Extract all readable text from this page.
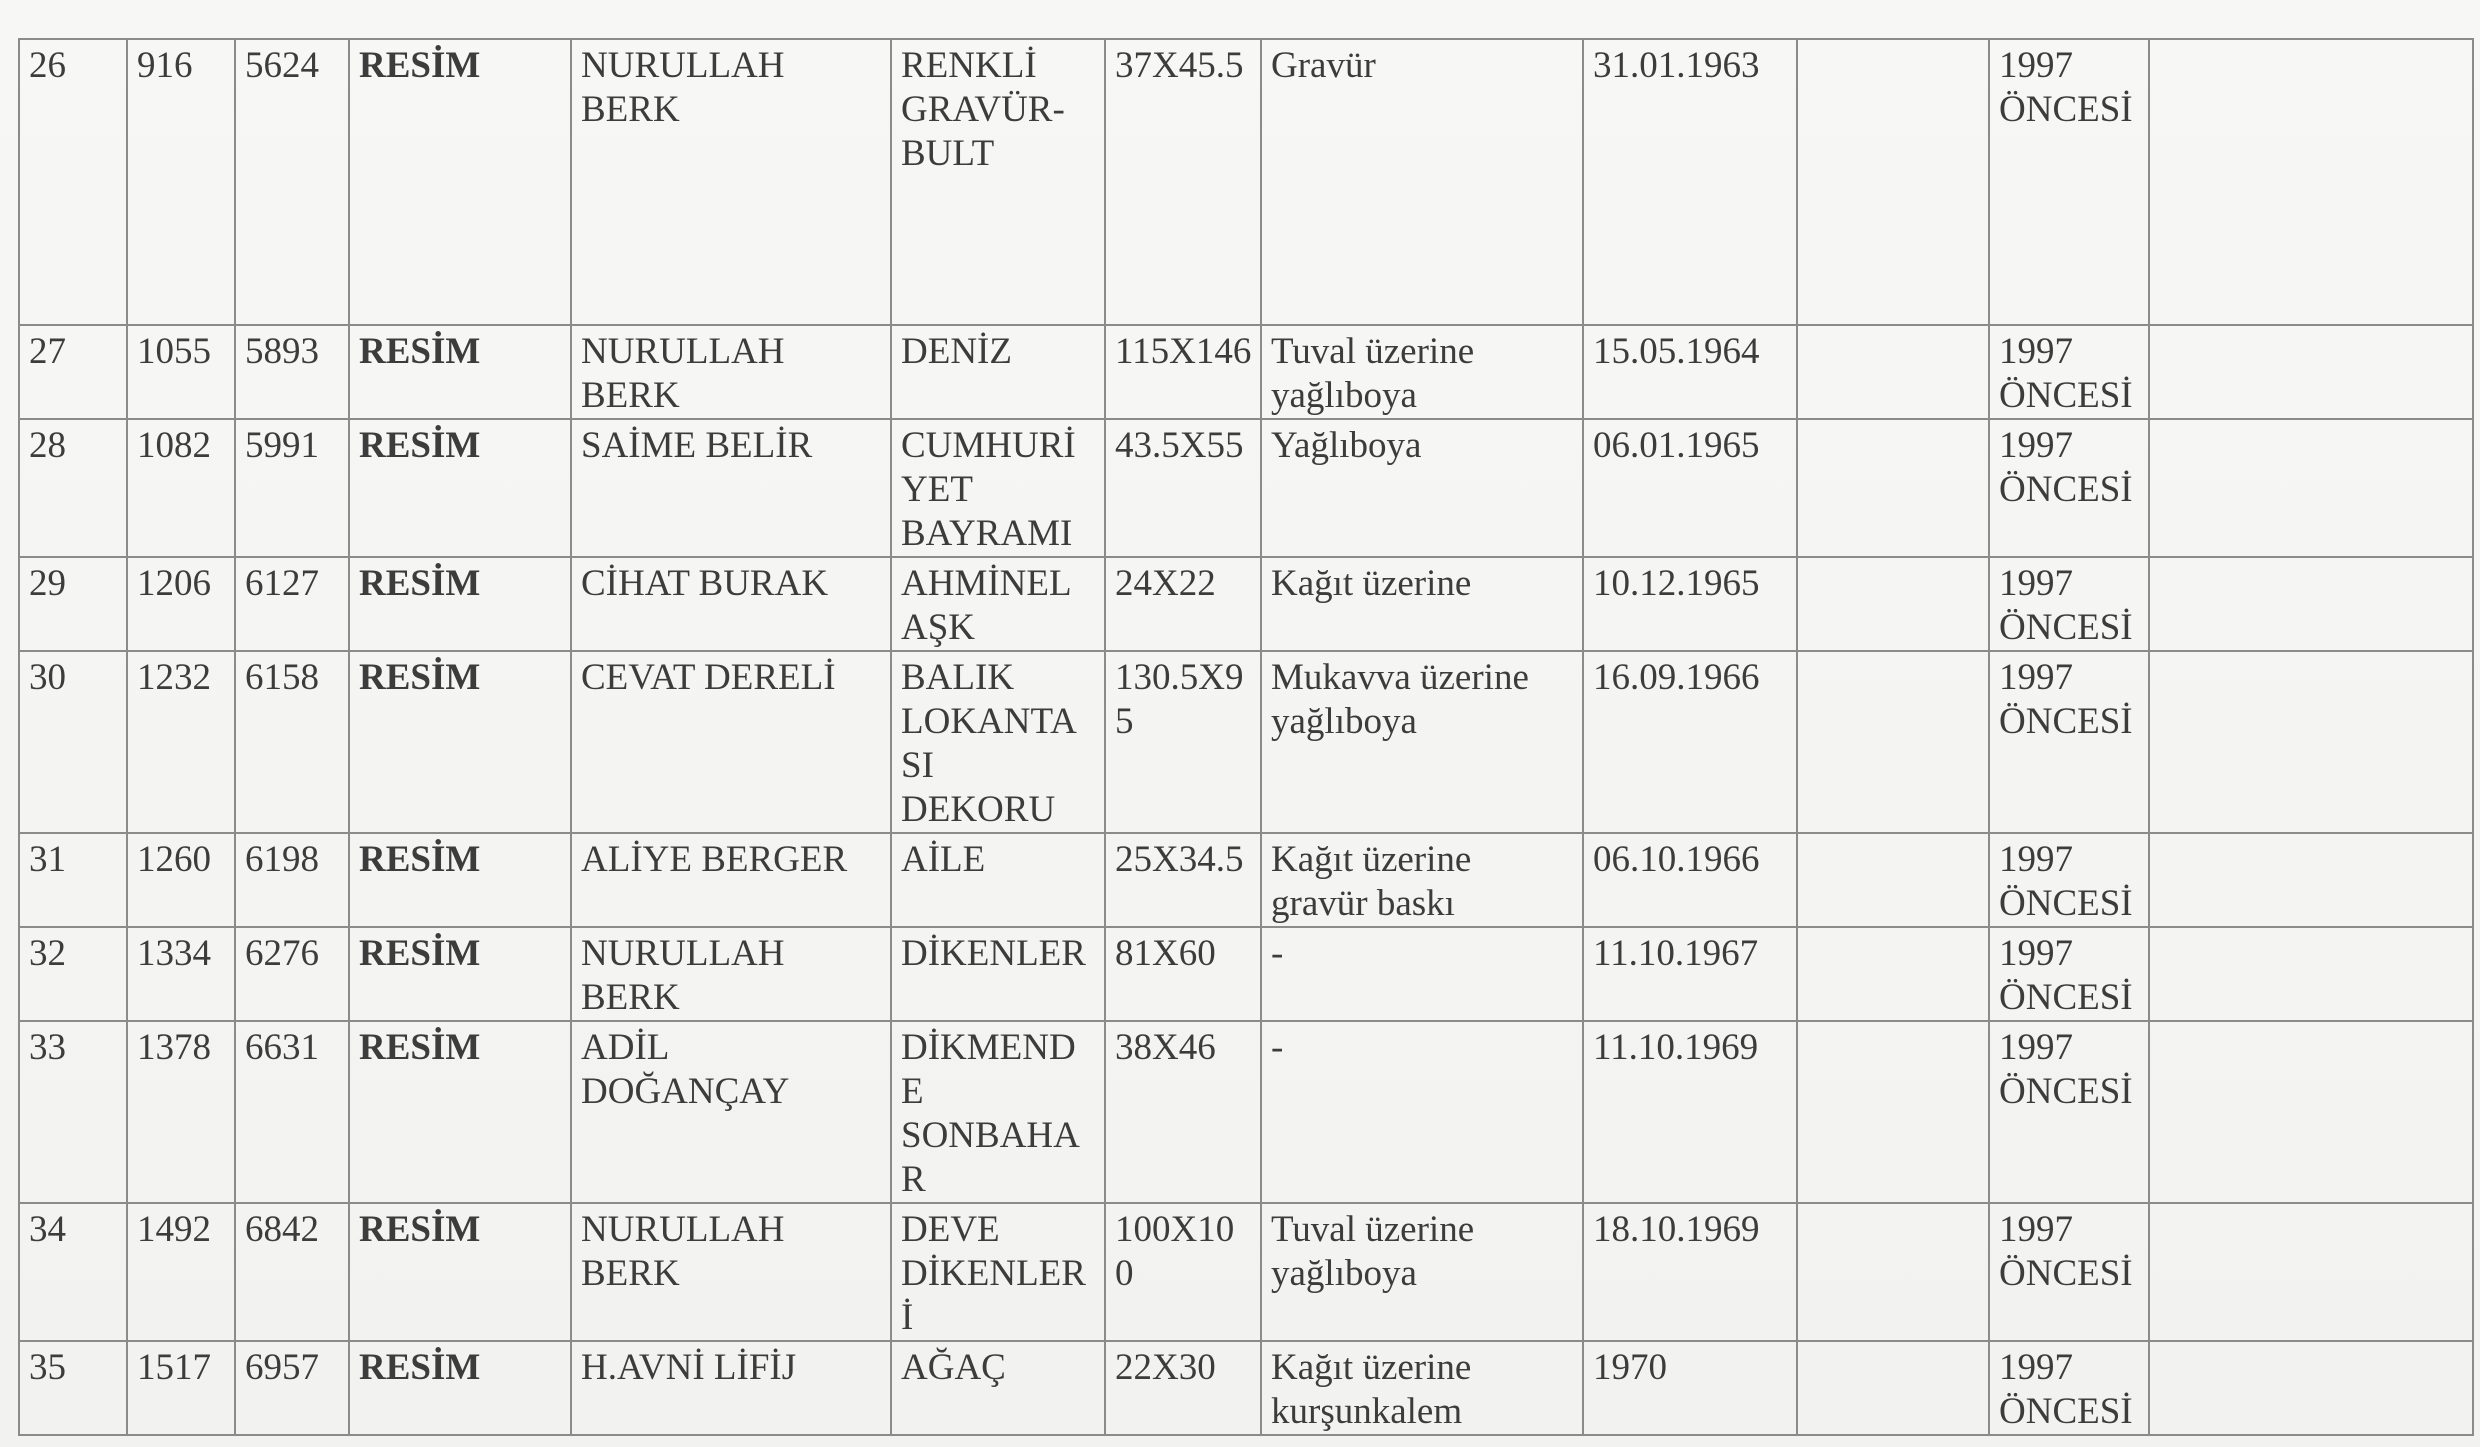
26	916	5624	RESİM	NURULLAH BERK	RENKLİ GRAVÜR-BULT	37X45.5	Gravür	31.01.1963		1997 ÖNCESİ	

27	1055	5893	RESİM	NURULLAH BERK	DENİZ	115X146	Tuval üzerine yağlıboya	15.05.1964		1997 ÖNCESİ	
28	1082	5991	RESİM	SAİME BELİR	CUMHURİYET BAYRAMI	43.5X55	Yağlıboya	06.01.1965		1997 ÖNCESİ	
29	1206	6127	RESİM	CİHAT BURAK	AHMİNEL AŞK	24X22	Kağıt üzerine	10.12.1965		1997 ÖNCESİ	
30	1232	6158	RESİM	CEVAT DERELİ	BALIK LOKANTASI DEKORU	130.5X95	Mukavva üzerine yağlıboya	16.09.1966		1997 ÖNCESİ	
31	1260	6198	RESİM	ALİYE BERGER	AİLE	25X34.5	Kağıt üzerine gravür baskı	06.10.1966		1997 ÖNCESİ	
32	1334	6276	RESİM	NURULLAH BERK	DİKENLER	81X60	-	11.10.1967		1997 ÖNCESİ	
33	1378	6631	RESİM	ADİL DOĞANÇAY	DİKMENDE SONBAHAR	38X46	-	11.10.1969		1997 ÖNCESİ	
34	1492	6842	RESİM	NURULLAH BERK	DEVE DİKENLERİ	100X100	Tuval üzerine yağlıboya	18.10.1969		1997 ÖNCESİ	
35	1517	6957	RESİM	H.AVNİ LİFİJ	AĞAÇ	22X30	Kağıt üzerine kurşunkalem	1970		1997 ÖNCESİ	
